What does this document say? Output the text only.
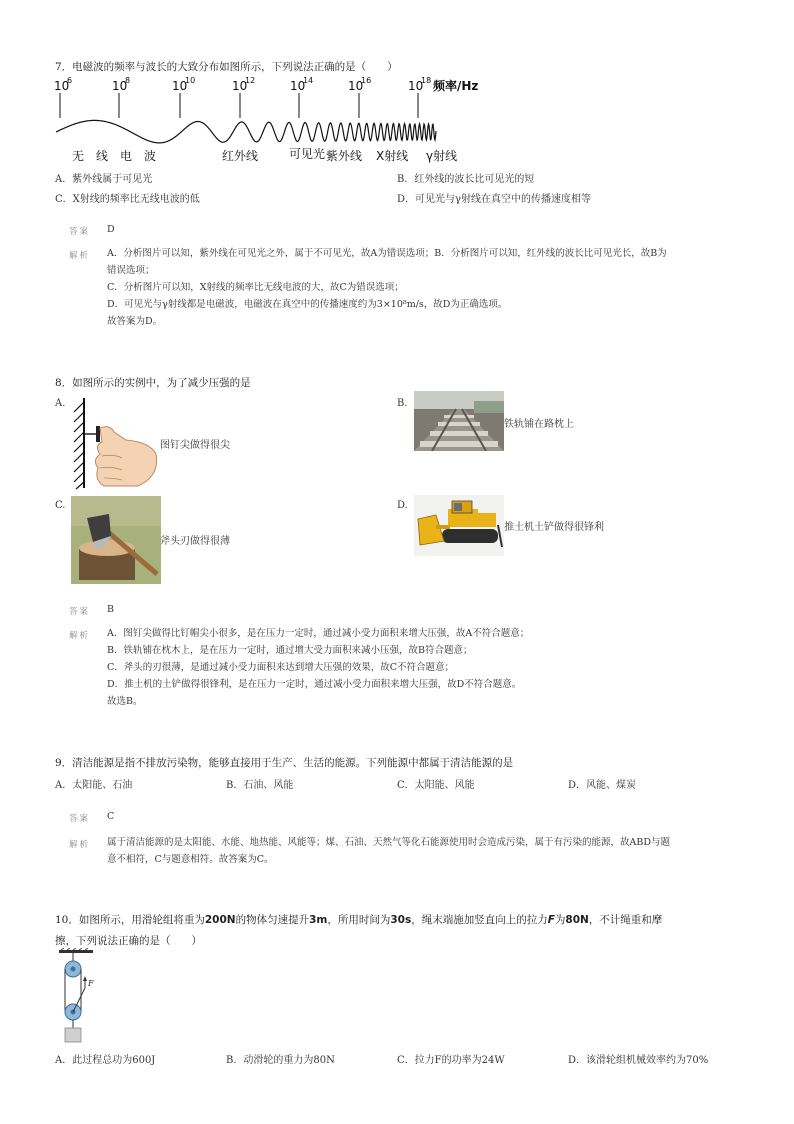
7．电磁波的频率与波长的大致分布如图所示，下列说法正确的是（　　）
10
6	10
8	10
10	10
12	10
14	10
16	10
18 频率/Hz
无　线　电　波	红外线	可见光 紫外线 X射线 γ射线
A．紫外线属于可见光	B．红外线的波长比可见光的短
C．X射线的频率比无线电波的低	D．可见光与γ射线在真空中的传播速度相等
答案 D
解析 A．分析图片可以知，紫外线在可见光之外，属于不可见光，故A为错误选项；B．分析图片可以知，红外线的波长比可见光长，故B为
错误选项；
C．分析图片可以知，X射线的频率比无线电波的大，故C为错误选项；
D．可见光与γ射线都是电磁波，电磁波在真空中的传播速度约为3×10⁸m/s，故D为正确选项。
故答案为D。
8．如图所示的实例中，为了减少压强的是
A.
图钉尖做得很尖
B.
铁轨铺在路枕上
C.
斧头刃做得很薄
D.
推土机土铲做得很锋利
答案 B
解析 A．图钉尖做得比钉帽尖小很多，是在压力一定时，通过减小受力面积来增大压强，故A不符合题意；
B．铁轨铺在枕木上，是在压力一定时，通过增大受力面积来减小压强，故B符合题意；
C．斧头的刃很薄，是通过减小受力面积来达到增大压强的效果，故C不符合题意；
D．推土机的土铲做得很锋利，是在压力一定时，通过减小受力面积来增大压强，故D不符合题意。
故选B。
9．清洁能源是指不排放污染物，能够直接用于生产、生活的能源。下列能源中都属于清洁能源的是
A．太阳能、石油	B．石油、风能	C．太阳能、风能	D．风能、煤炭
答案 C
解析 属于清洁能源的是太阳能、水能、地热能、风能等；煤、石油、天然气等化石能源使用时会造成污染，属于有污染的能源，故ABD与题
意不相符，C与题意相符。故答案为C。
10．如图所示，用滑轮组将重为200N的物体匀速提升3m，所用时间为30s，绳末端施加竖直向上的拉力F为80N，不计绳重和摩
擦，下列说法正确的是（　　）
F
A．此过程总功为600J	B．动滑轮的重力为80N	C．拉力F的功率为24W	D．该滑轮组机械效率约为70%
